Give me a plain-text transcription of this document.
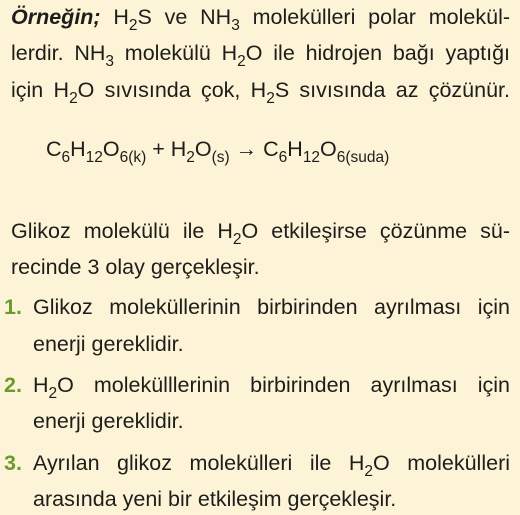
Örneğin; $H_2S$ ve $NH_3$ molekülleri polar molekül-
lerdir. $NH_3$ molekülü $H_2O$ ile hidrojen bağı yaptığı
için $H_2O$ sıvısında çok, $H_2S$ sıvısında az çözünür.
$C_6H_{12}O_{6(k)} + H_2O_{(s)} \to C_6H_{12}O_{6(suda)}$
Glikoz molekülü ile $H_2O$ etkileşirse çözünme sü-
recinde 3 olay gerçekleşir.
1. Glikoz moleküllerinin birbirinden ayrılması için
enerji gereklidir.
2. $H_2O$ molekülllerinin birbirinden ayrılması için
enerji gereklidir.
3. Ayrılan glikoz molekülleri ile $H_2O$ molekülleri
arasında yeni bir etkileşim gerçekleşir.
